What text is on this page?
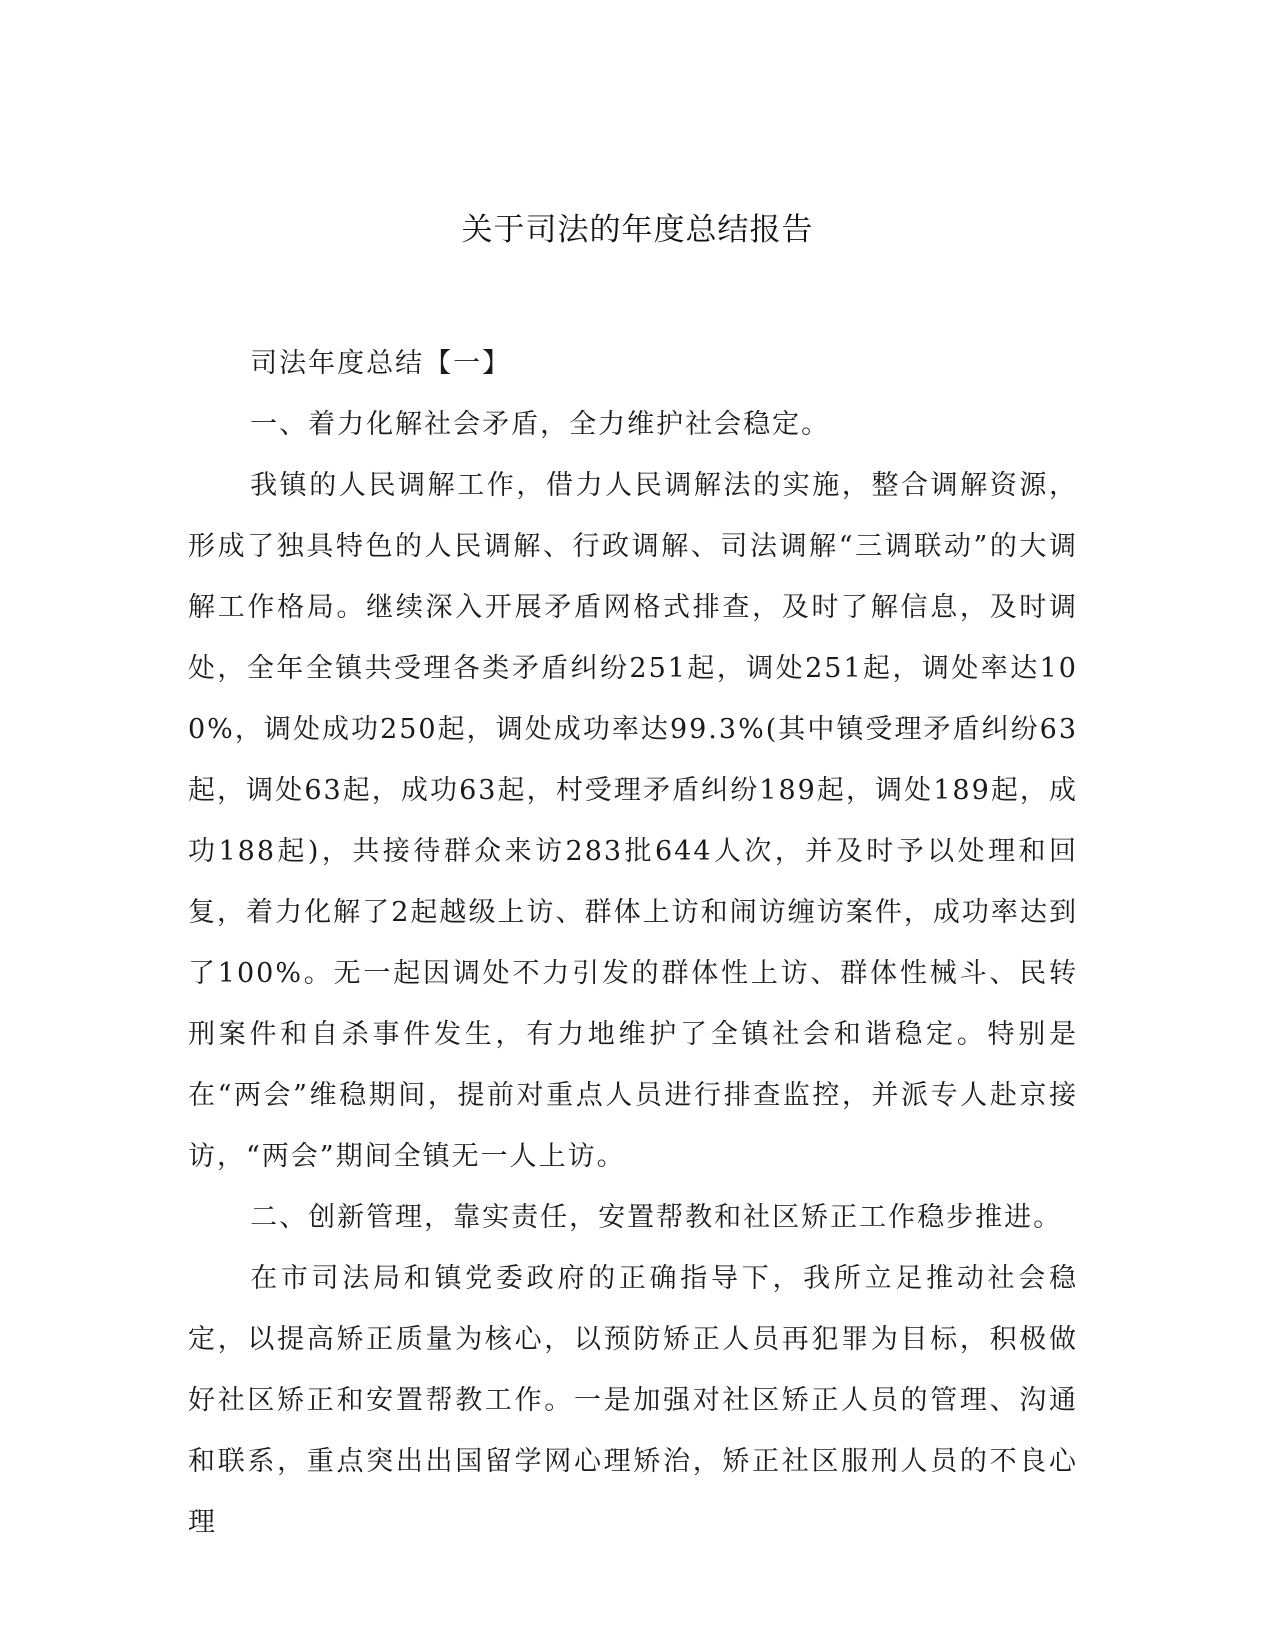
关于司法的年度总结报告

司法年度总结【一】

一、着力化解社会矛盾，全力维护社会稳定。

我镇的人民调解工作，借力人民调解法的实施，整合调解资源，形成了独具特色的人民调解、行政调解、司法调解“三调联动”的大调解工作格局。继续深入开展矛盾网格式排查，及时了解信息，及时调处，全年全镇共受理各类矛盾纠纷251起，调处251起，调处率达100%，调处成功250起，调处成功率达99.3%(其中镇受理矛盾纠纷63起，调处63起，成功63起，村受理矛盾纠纷189起，调处189起，成功188起)，共接待群众来访283批644人次，并及时予以处理和回复，着力化解了2起越级上访、群体上访和闹访缠访案件，成功率达到了100%。无一起因调处不力引发的群体性上访、群体性械斗、民转刑案件和自杀事件发生，有力地维护了全镇社会和谐稳定。特别是在“两会”维稳期间，提前对重点人员进行排查监控，并派专人赴京接访，“两会”期间全镇无一人上访。

二、创新管理，靠实责任，安置帮教和社区矫正工作稳步推进。

在市司法局和镇党委政府的正确指导下，我所立足推动社会稳定，以提高矫正质量为核心，以预防矫正人员再犯罪为目标，积极做好社区矫正和安置帮教工作。一是加强对社区矫正人员的管理、沟通和联系，重点突出出国留学网心理矫治，矫正社区服刑人员的不良心理
